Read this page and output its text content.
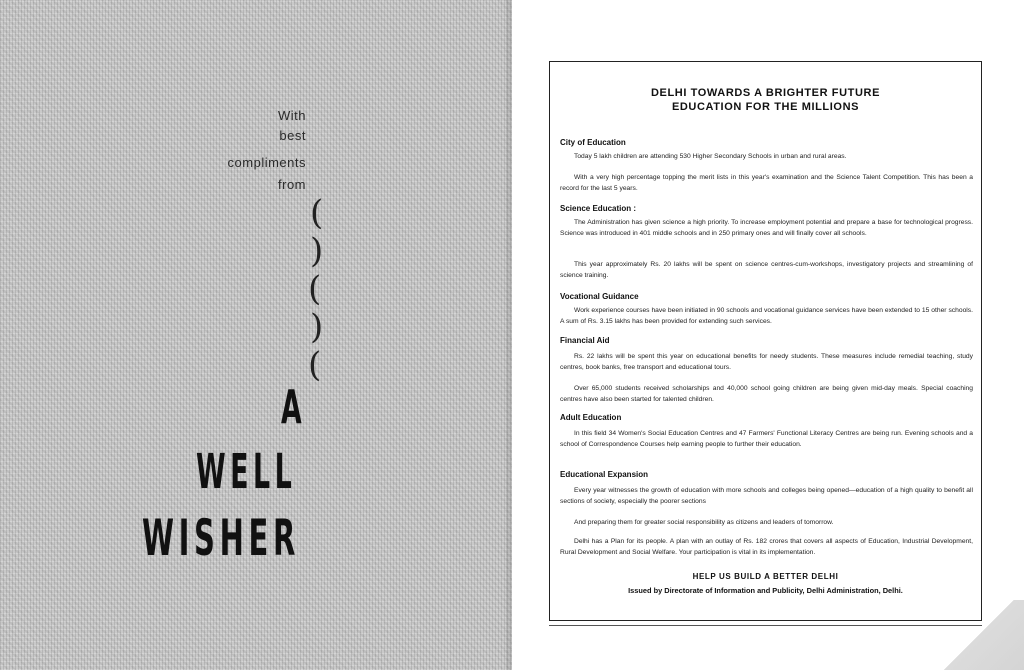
With
best
compliments
from
(
)
(
)
(
A
WELL
WISHER
DELHI TOWARDS A BRIGHTER FUTURE
EDUCATION FOR THE MILLIONS
City of Education

Today 5 lakh children are attending 530 Higher Secondary Schools in urban and rural areas.

With a very high percentage topping the merit lists in this year's examination and the Science Talent Competition. This has been a record for the last 5 years.

Science Education :

The Administration has given science a high priority. To increase employment potential and prepare a base for technological progress. Science was introduced in 401 middle schools and in 250 primary ones and will finally cover all schools.

This year approximately Rs. 20 lakhs will be spent on science centres-cum-workshops, investigatory projects and streamlining of science training.

Vocational Guidance

Work experience courses have been initiated in 90 schools and vocational guidance services have been extended to 15 other schools. A sum of Rs. 3.15 lakhs has been provided for extending such services.

Financial Aid

Rs. 22 lakhs will be spent this year on educational benefits for needy students. These measures include remedial teaching, study centres, book banks, free transport and educational tours.

Over 65,000 students received scholarships and 40,000 school going children are being given mid-day meals. Special coaching centres have also been started for talented children.

Adult Education

In this field 34 Women's Social Education Centres and 47 Farmers' Functional Literacy Centres are being run. Evening schools and a school of Correspondence Courses help earning people to further their education.

Educational Expansion

Every year witnesses the growth of education with more schools and colleges being opened—education of a high quality to benefit all sections of society, especially the poorer sections

And preparing them for greater social responsibility as citizens and leaders of tomorrow.

Delhi has a Plan for its people. A plan with an outlay of Rs. 182 crores that covers all aspects of Education, Industrial Development, Rural Development and Social Welfare. Your participation is vital in its implementation.

HELP US BUILD A BETTER DELHI
Issued by Directorate of Information and Publicity, Delhi Administration, Delhi.
